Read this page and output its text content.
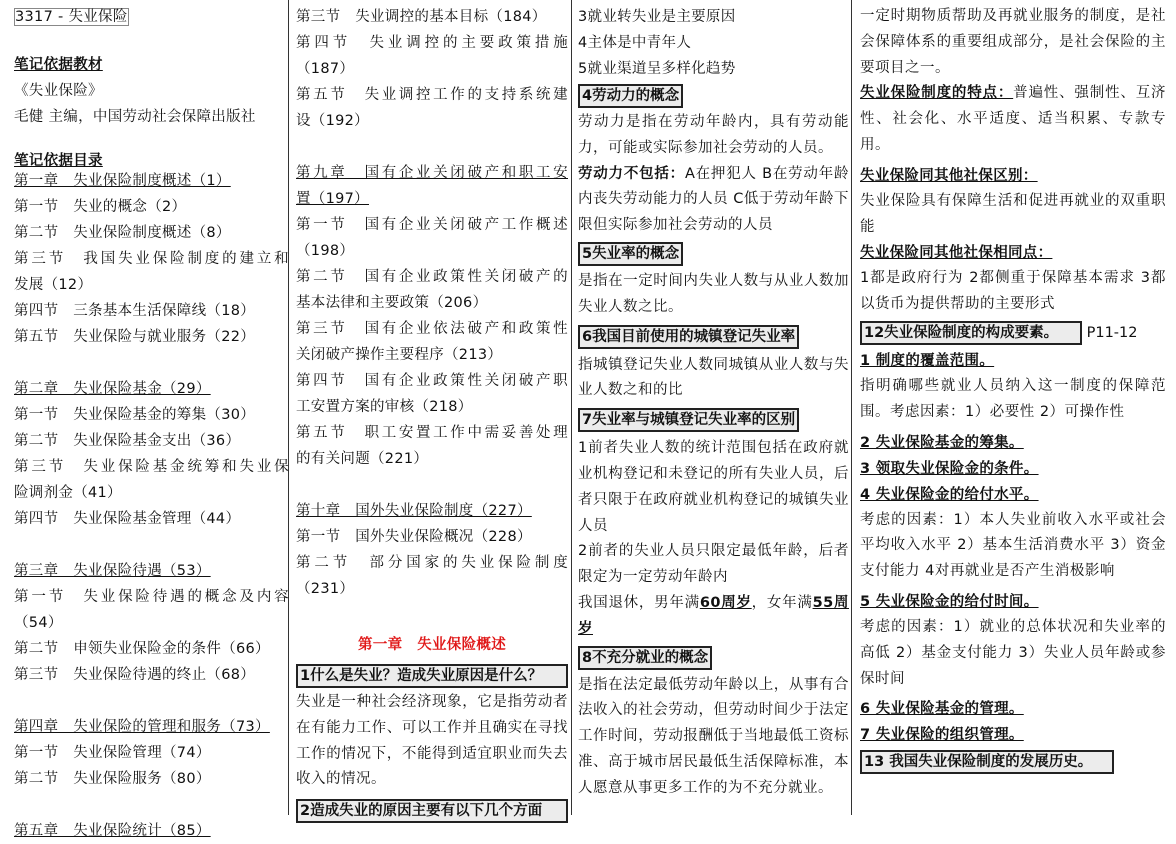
3317 - 失业保险
笔记依据教材
《失业保险》
毛健 主编，中国劳动社会保障出版社
笔记依据目录
第一章　失业保险制度概述（1）
第一节　失业的概念（2）
第二节　失业保险制度概述（8）
第三节　我国失业保险制度的建立和
发展（12）
第四节　三条基本生活保障线（18）
第五节　失业保险与就业服务（22）
第二章　失业保险基金（29）
第一节　失业保险基金的筹集（30）
第二节　失业保险基金支出（36）
第三节　失业保险基金统筹和失业保
险调剂金（41）
第四节　失业保险基金管理（44）
第三章　失业保险待遇（53）
第一节　失业保险待遇的概念及内容
（54）
第二节　申领失业保险金的条件（66）
第三节　失业保险待遇的终止（68）
第四章　失业保险的管理和服务（73）
第一节　失业保险管理（74）
第二节　失业保险服务（80）
第五章　失业保险统计（85）
第三节　失业调控的基本目标（184）
第四节　失业调控的主要政策措施
（187）
第五节　失业调控工作的支持系统建
设（192）
第九章　国有企业关闭破产和职工安
置（197）
第一节　国有企业关闭破产工作概述
（198）
第二节　国有企业政策性关闭破产的
基本法律和主要政策（206）
第三节　国有企业依法破产和政策性
关闭破产操作主要程序（213）
第四节　国有企业政策性关闭破产职
工安置方案的审核（218）
第五节　职工安置工作中需妥善处理
的有关问题（221）
第十章　国外失业保险制度（227）
第一节　国外失业保险概况（228）
第二节　部分国家的失业保险制度
（231）
第一章　失业保险概述
1什么是失业？造成失业原因是什么？
失业是一种社会经济现象，它是指劳动者在有能力工作、可以工作并且确实在寻找工作的情况下，不能得到适宜职业而失去收入的情况。
2造成失业的原因主要有以下几个方面
3就业转失业是主要原因
4主体是中青年人
5就业渠道呈多样化趋势
4劳动力的概念
劳动力是指在劳动年龄内，具有劳动能力，可能或实际参加社会劳动的人员。
劳动力不包括：A在押犯人 B在劳动年龄内丧失劳动能力的人员 C低于劳动年龄下限但实际参加社会劳动的人员
5失业率的概念
是指在一定时间内失业人数与从业人数加失业人数之比。
6我国目前使用的城镇登记失业率
指城镇登记失业人数同城镇从业人数与失业人数之和的比
7失业率与城镇登记失业率的区别
1前者失业人数的统计范围包括在政府就业机构登记和未登记的所有失业人员，后者只限于在政府就业机构登记的城镇失业人员
2前者的失业人员只限定最低年龄，后者限定为一定劳动年龄内
我国退休，男年满60周岁，女年满55周岁
8不充分就业的概念
是指在法定最低劳动年龄以上，从事有合法收入的社会劳动，但劳动时间少于法定工作时间，劳动报酬低于当地最低工资标准、高于城市居民最低生活保障标准，本人愿意从事更多工作的为不充分就业。
一定时期物质帮助及再就业服务的制度，是社会保障体系的重要组成部分，是社会保险的主要项目之一。
失业保险制度的特点：普遍性、强制性、互济性、社会化、水平适度、适当积累、专款专用。
失业保险同其他社保区别：
失业保险具有保障生活和促进再就业的双重职能
失业保险同其他社保相同点：
1都是政府行为 2都侧重于保障基本需求 3都以货币为提供帮助的主要形式
12失业保险制度的构成要素。 P11-12
1 制度的覆盖范围。
指明确哪些就业人员纳入这一制度的保障范围。考虑因素：1）必要性 2）可操作性
2 失业保险基金的筹集。
3 领取失业保险金的条件。
4 失业保险金的给付水平。
考虑的因素：1）本人失业前收入水平或社会平均收入水平 2）基本生活消费水平 3）资金支付能力 4对再就业是否产生消极影响
5 失业保险金的给付时间。
考虑的因素：1）就业的总体状况和失业率的高低 2）基金支付能力 3）失业人员年龄或参保时间
6 失业保险基金的管理。
7 失业保险的组织管理。
13 我国失业保险制度的发展历史。
